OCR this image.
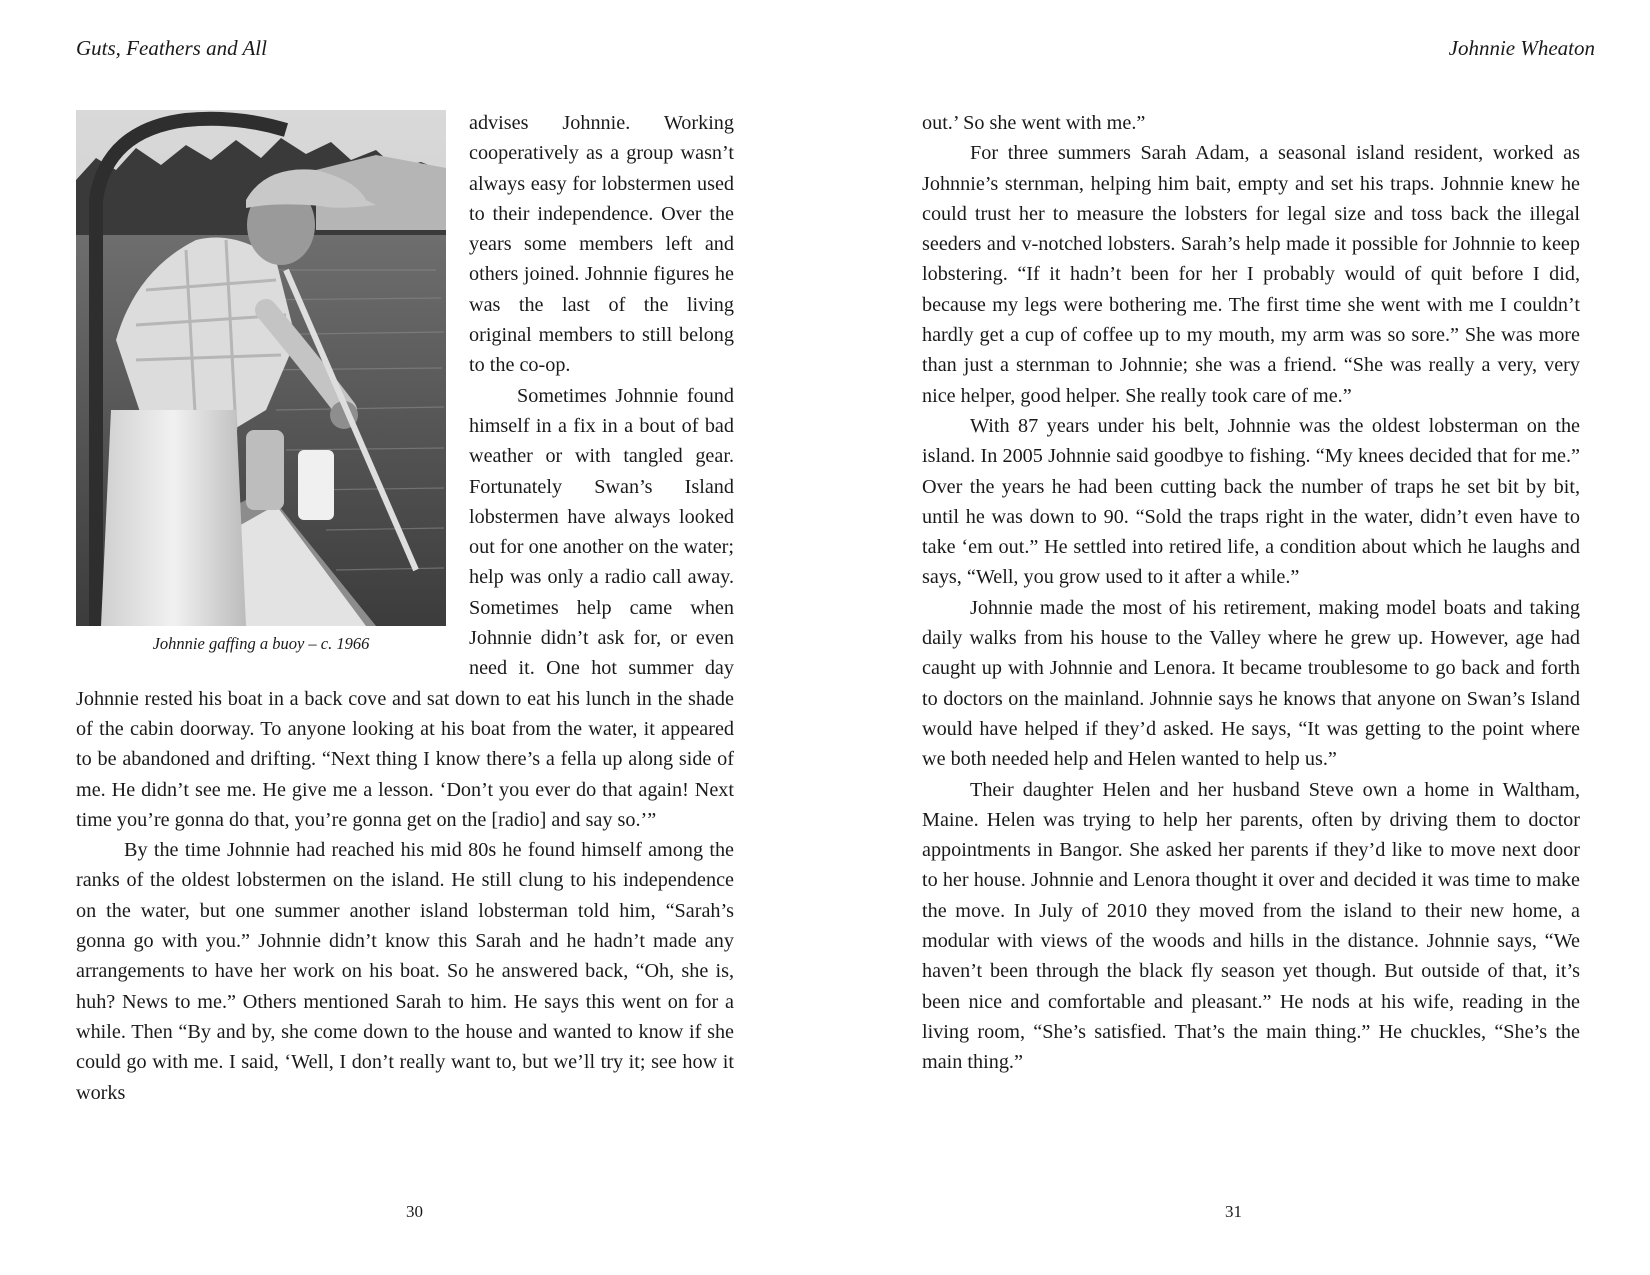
Guts, Feathers and All
Johnnie gaffing a buoy – c. 1966

advises Johnnie. Working cooperatively as a group wasn’t always easy for lobstermen used to their independence. Over the years some members left and others joined. Johnnie figures he was the last of the living original members to still belong to the co-op.

Sometimes Johnnie found himself in a fix in a bout of bad weather or with tangled gear. Fortunately Swan’s Island lobstermen have always looked out for one another on the water; help was only a radio call away. Sometimes help came when Johnnie didn’t ask for, or even need it. One hot summer day Johnnie rested his boat in a back cove and sat down to eat his lunch in the shade of the cabin doorway. To anyone looking at his boat from the water, it appeared to be abandoned and drifting. “Next thing I know there’s a fella up along side of me. He didn’t see me. He give me a lesson. ‘Don’t you ever do that again! Next time you’re gonna do that, you’re gonna get on the [radio] and say so.’”

By the time Johnnie had reached his mid 80s he found himself among the ranks of the oldest lobstermen on the island. He still clung to his independence on the water, but one summer another island lobsterman told him, “Sarah’s gonna go with you.” Johnnie didn’t know this Sarah and he hadn’t made any arrangements to have her work on his boat. So he answered back, “Oh, she is, huh? News to me.” Others mentioned Sarah to him. He says this went on for a while. Then “By and by, she come down to the house and wanted to know if she could go with me. I said, ‘Well, I don’t really want to, but we’ll try it; see how it works

30
Johnnie Wheaton

out.’ So she went with me.”

For three summers Sarah Adam, a seasonal island resident, worked as Johnnie’s sternman, helping him bait, empty and set his traps. Johnnie knew he could trust her to measure the lobsters for legal size and toss back the illegal seeders and v-notched lobsters. Sarah’s help made it possible for Johnnie to keep lobstering. “If it hadn’t been for her I probably would of quit before I did, because my legs were bothering me. The first time she went with me I couldn’t hardly get a cup of coffee up to my mouth, my arm was so sore.” She was more than just a sternman to Johnnie; she was a friend. “She was really a very, very nice helper, good helper. She really took care of me.”

With 87 years under his belt, Johnnie was the oldest lobsterman on the island. In 2005 Johnnie said goodbye to fishing. “My knees decided that for me.” Over the years he had been cutting back the number of traps he set bit by bit, until he was down to 90. “Sold the traps right in the water, didn’t even have to take ‘em out.” He settled into retired life, a condition about which he laughs and says, “Well, you grow used to it after a while.”

Johnnie made the most of his retirement, making model boats and taking daily walks from his house to the Valley where he grew up. However, age had caught up with Johnnie and Lenora. It became troublesome to go back and forth to doctors on the mainland. Johnnie says he knows that anyone on Swan’s Island would have helped if they’d asked. He says, “It was getting to the point where we both needed help and Helen wanted to help us.”

Their daughter Helen and her husband Steve own a home in Waltham, Maine. Helen was trying to help her parents, often by driving them to doctor appointments in Bangor. She asked her parents if they’d like to move next door to her house. Johnnie and Lenora thought it over and decided it was time to make the move. In July of 2010 they moved from the island to their new home, a modular with views of the woods and hills in the distance. Johnnie says, “We haven’t been through the black fly season yet though. But outside of that, it’s been nice and comfortable and pleasant.” He nods at his wife, reading in the living room, “She’s satisfied. That’s the main thing.” He chuckles, “She’s the main thing.”

31
